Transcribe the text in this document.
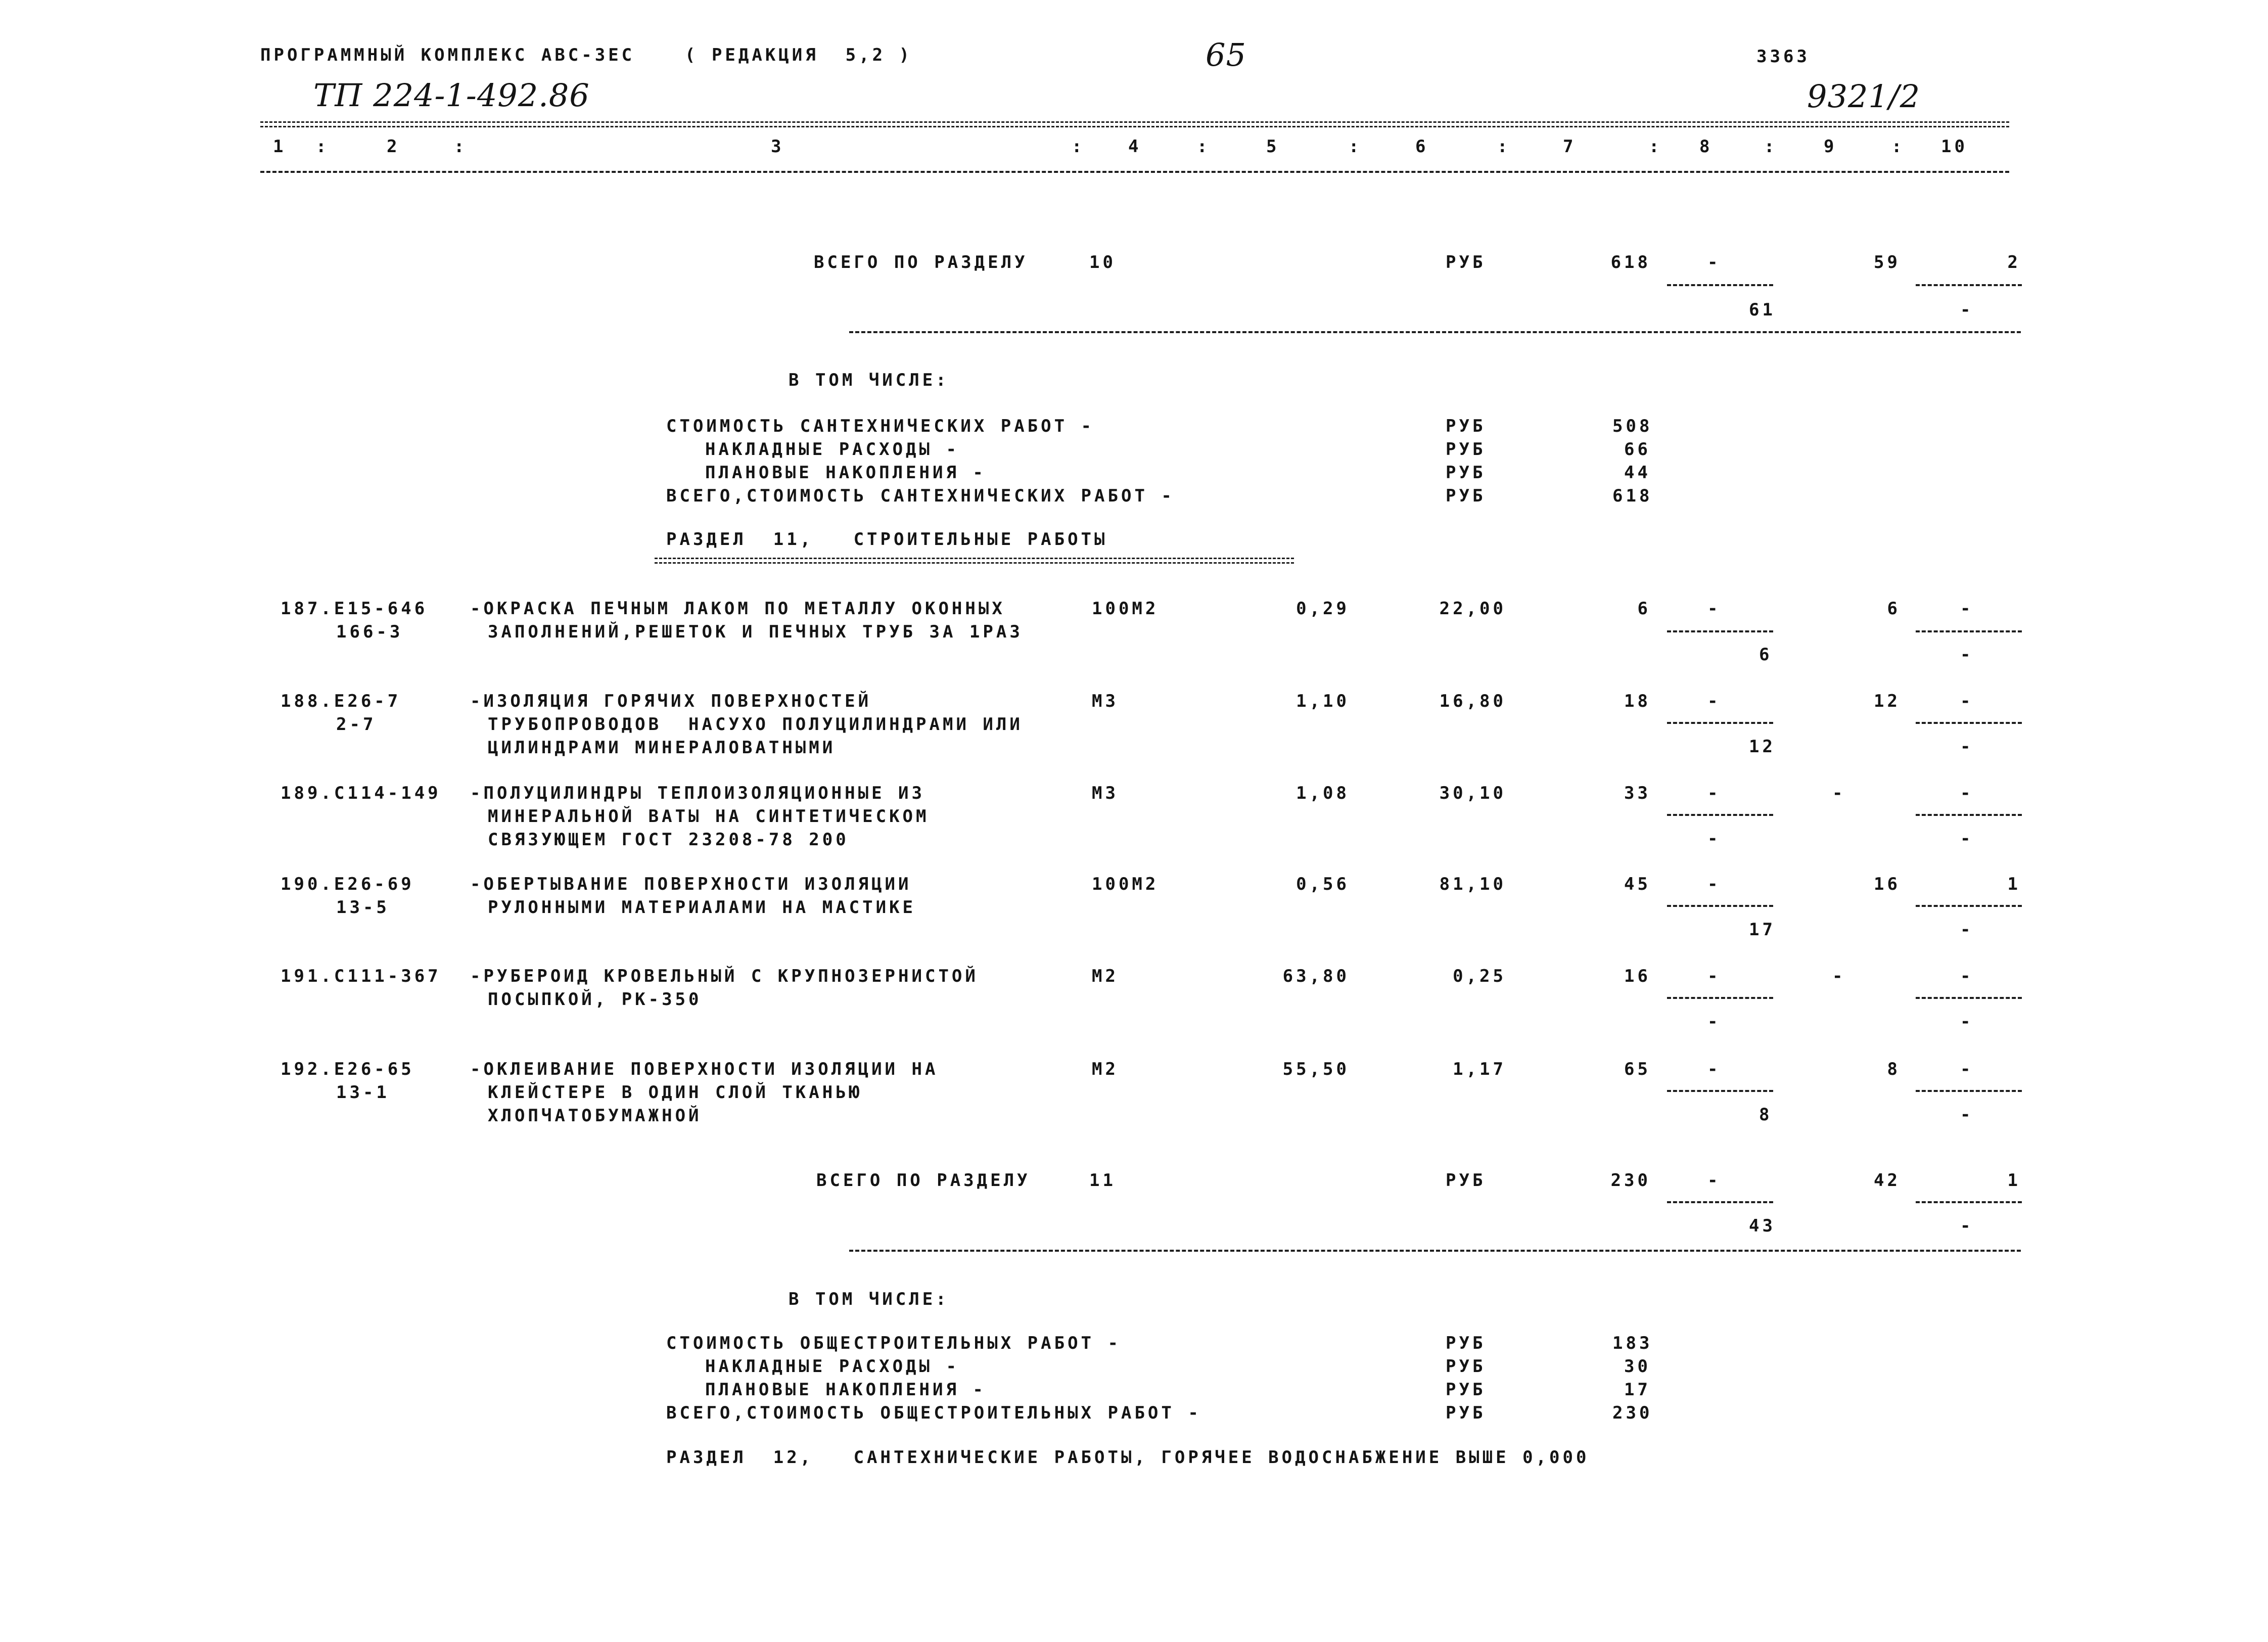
ПРОГРАММНЫЙ КОМПЛЕКС АВС-ЗЕС	( РЕДАКЦИЯ  5,2 )	65	3363
ТП 224-1-492.86	9321/2
1 :	2	:	3	:	4	:	5	:	6	:	7	: 8	:	9	: 10
ВСЕГО ПО РАЗДЕЛУ	10	РУБ	618	-	59	2
61	-
В ТОМ ЧИСЛЕ:
СТОИМОСТЬ САНТЕХНИЧЕСКИХ РАБОТ -	РУБ	508
НАКЛАДНЫЕ РАСХОДЫ -	РУБ	66
ПЛАНОВЫЕ НАКОПЛЕНИЯ -	РУБ	44
ВСЕГО,СТОИМОСТЬ САНТЕХНИЧЕСКИХ РАБОТ -	РУБ	618
РАЗДЕЛ  11,   СТРОИТЕЛЬНЫЕ РАБОТЫ
187.Е15-646
166-3
-ОКРАСКА ПЕЧНЫМ ЛАКОМ ПО МЕТАЛЛУ ОКОННЫХ
ЗАПОЛНЕНИЙ,РЕШЕТОК И ПЕЧНЫХ ТРУБ ЗА 1РАЗ
100М2	0,29	22,00	6	-	6	-
6	-
188.Е26-7
2-7
-ИЗОЛЯЦИЯ ГОРЯЧИХ ПОВЕРХНОСТЕЙ
ТРУБОПРОВОДОВ  НАСУХО ПОЛУЦИЛИНДРАМИ ИЛИ
ЦИЛИНДРАМИ МИНЕРАЛОВАТНЫМИ
М3	1,10	16,80	18	-	12	-
12	-
189.С114-149 -ПОЛУЦИЛИНДРЫ ТЕПЛОИЗОЛЯЦИОННЫЕ ИЗ
МИНЕРАЛЬНОЙ ВАТЫ НА СИНТЕТИЧЕСКОМ
СВЯЗУЮЩЕМ ГОСТ 23208-78 200
М3	1,08	30,10	33	-	-	-
-	-
190.Е26-69
13-5
-ОБЕРТЫВАНИЕ ПОВЕРХНОСТИ ИЗОЛЯЦИИ
РУЛОННЫМИ МАТЕРИАЛАМИ НА МАСТИКЕ
100М2	0,56	81,10	45	-	16	1
17	-
191.С111-367 -РУБЕРОИД КРОВЕЛЬНЫЙ С КРУПНОЗЕРНИСТОЙ
ПОСЫПКОЙ, РК-350
М2	63,80	0,25	16	-	-	-
-	-
192.Е26-65
13-1
-ОКЛЕИВАНИЕ ПОВЕРХНОСТИ ИЗОЛЯЦИИ НА
КЛЕЙСТЕРЕ В ОДИН СЛОЙ ТКАНЬЮ
ХЛОПЧАТОБУМАЖНОЙ
М2	55,50	1,17	65	-	8	-
8	-
ВСЕГО ПО РАЗДЕЛУ	11	РУБ	230	-	42	1
43	-
В ТОМ ЧИСЛЕ:
СТОИМОСТЬ ОБЩЕСТРОИТЕЛЬНЫХ РАБОТ -	РУБ	183
НАКЛАДНЫЕ РАСХОДЫ -	РУБ	30
ПЛАНОВЫЕ НАКОПЛЕНИЯ -	РУБ	17
ВСЕГО,СТОИМОСТЬ ОБЩЕСТРОИТЕЛЬНЫХ РАБОТ -	РУБ	230
РАЗДЕЛ  12,   САНТЕХНИЧЕСКИЕ РАБОТЫ, ГОРЯЧЕЕ ВОДОСНАБЖЕНИЕ ВЫШЕ 0,000
